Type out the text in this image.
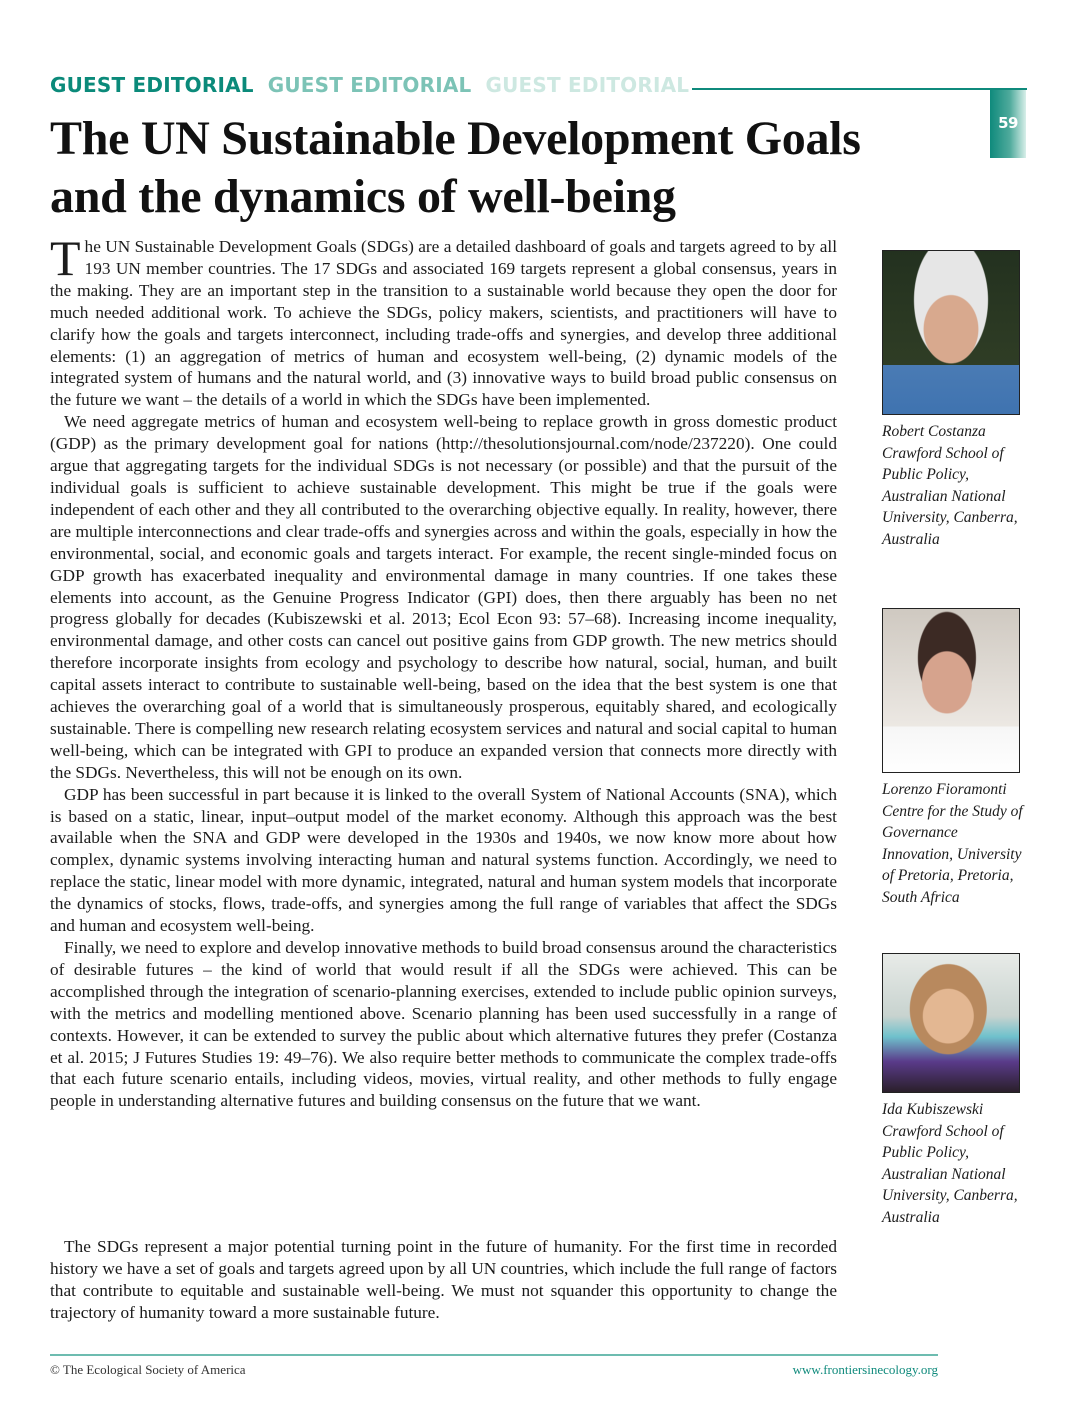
GUEST EDITORIAL GUEST EDITORIAL GUEST EDITORIAL
59
The UN Sustainable Development Goals and the dynamics of well-being

The UN Sustainable Development Goals (SDGs) are a detailed dashboard of goals and targets agreed to by all 193 UN member countries. The 17 SDGs and associated 169 targets represent a global consensus, years in the making. They are an important step in the transition to a sustainable world because they open the door for much needed additional work. To achieve the SDGs, policy makers, scientists, and practitioners will have to clarify how the goals and targets interconnect, including trade-offs and synergies, and develop three additional elements: (1) an aggregation of metrics of human and ecosystem well-being, (2) dynamic models of the integrated system of humans and the natural world, and (3) innovative ways to build broad public consensus on the future we want – the details of a world in which the SDGs have been implemented.

We need aggregate metrics of human and ecosystem well-being to replace growth in gross domestic product (GDP) as the primary development goal for nations (http://thesolutionsjournal.com/node/237220). One could argue that aggregating targets for the individual SDGs is not necessary (or possible) and that the pursuit of the individual goals is sufficient to achieve sustainable development. This might be true if the goals were independent of each other and they all contributed to the overarching objective equally. In reality, however, there are multiple interconnections and clear trade-offs and synergies across and within the goals, especially in how the environmental, social, and economic goals and targets interact. For example, the recent single-minded focus on GDP growth has exacerbated inequality and environmental damage in many countries. If one takes these elements into account, as the Genuine Progress Indicator (GPI) does, then there arguably has been no net progress globally for decades (Kubiszewski et al. 2013; Ecol Econ 93: 57–68). Increasing income inequality, environmental damage, and other costs can cancel out positive gains from GDP growth. The new metrics should therefore incorporate insights from ecology and psychology to describe how natural, social, human, and built capital assets interact to contribute to sustainable well-being, based on the idea that the best system is one that achieves the overarching goal of a world that is simultaneously prosperous, equitably shared, and ecologically sustainable. There is compelling new research relating ecosystem services and natural and social capital to human well-being, which can be integrated with GPI to produce an expanded version that connects more directly with the SDGs. Nevertheless, this will not be enough on its own.

GDP has been successful in part because it is linked to the overall System of National Accounts (SNA), which is based on a static, linear, input–output model of the market economy. Although this approach was the best available when the SNA and GDP were developed in the 1930s and 1940s, we now know more about how complex, dynamic systems involving interacting human and natural systems function. Accordingly, we need to replace the static, linear model with more dynamic, integrated, natural and human system models that incorporate the dynamics of stocks, flows, trade-offs, and synergies among the full range of variables that affect the SDGs and human and ecosystem well-being.

Finally, we need to explore and develop innovative methods to build broad consensus around the characteristics of desirable futures – the kind of world that would result if all the SDGs were achieved. This can be accomplished through the integration of scenario-planning exercises, extended to include public opinion surveys, with the metrics and modelling mentioned above. Scenario planning has been used successfully in a range of contexts. However, it can be extended to survey the public about which alternative futures they prefer (Costanza et al. 2015; J Futures Studies 19: 49–76). We also require better methods to communicate the complex trade-offs that each future scenario entails, including videos, movies, virtual reality, and other methods to fully engage people in understanding alternative futures and building consensus on the future that we want.

The SDGs represent a major potential turning point in the future of humanity. For the first time in recorded history we have a set of goals and targets agreed upon by all UN countries, which include the full range of factors that contribute to equitable and sustainable well-being. We must not squander this opportunity to change the trajectory of humanity toward a more sustainable future.

Robert Costanza
Crawford School of Public Policy, Australian National University, Canberra, Australia
Lorenzo Fioramonti
Centre for the Study of Governance Innovation, University of Pretoria, Pretoria, South Africa
Ida Kubiszewski
Crawford School of Public Policy, Australian National University, Canberra, Australia
© The Ecological Society of America	www.frontiersinecology.org
